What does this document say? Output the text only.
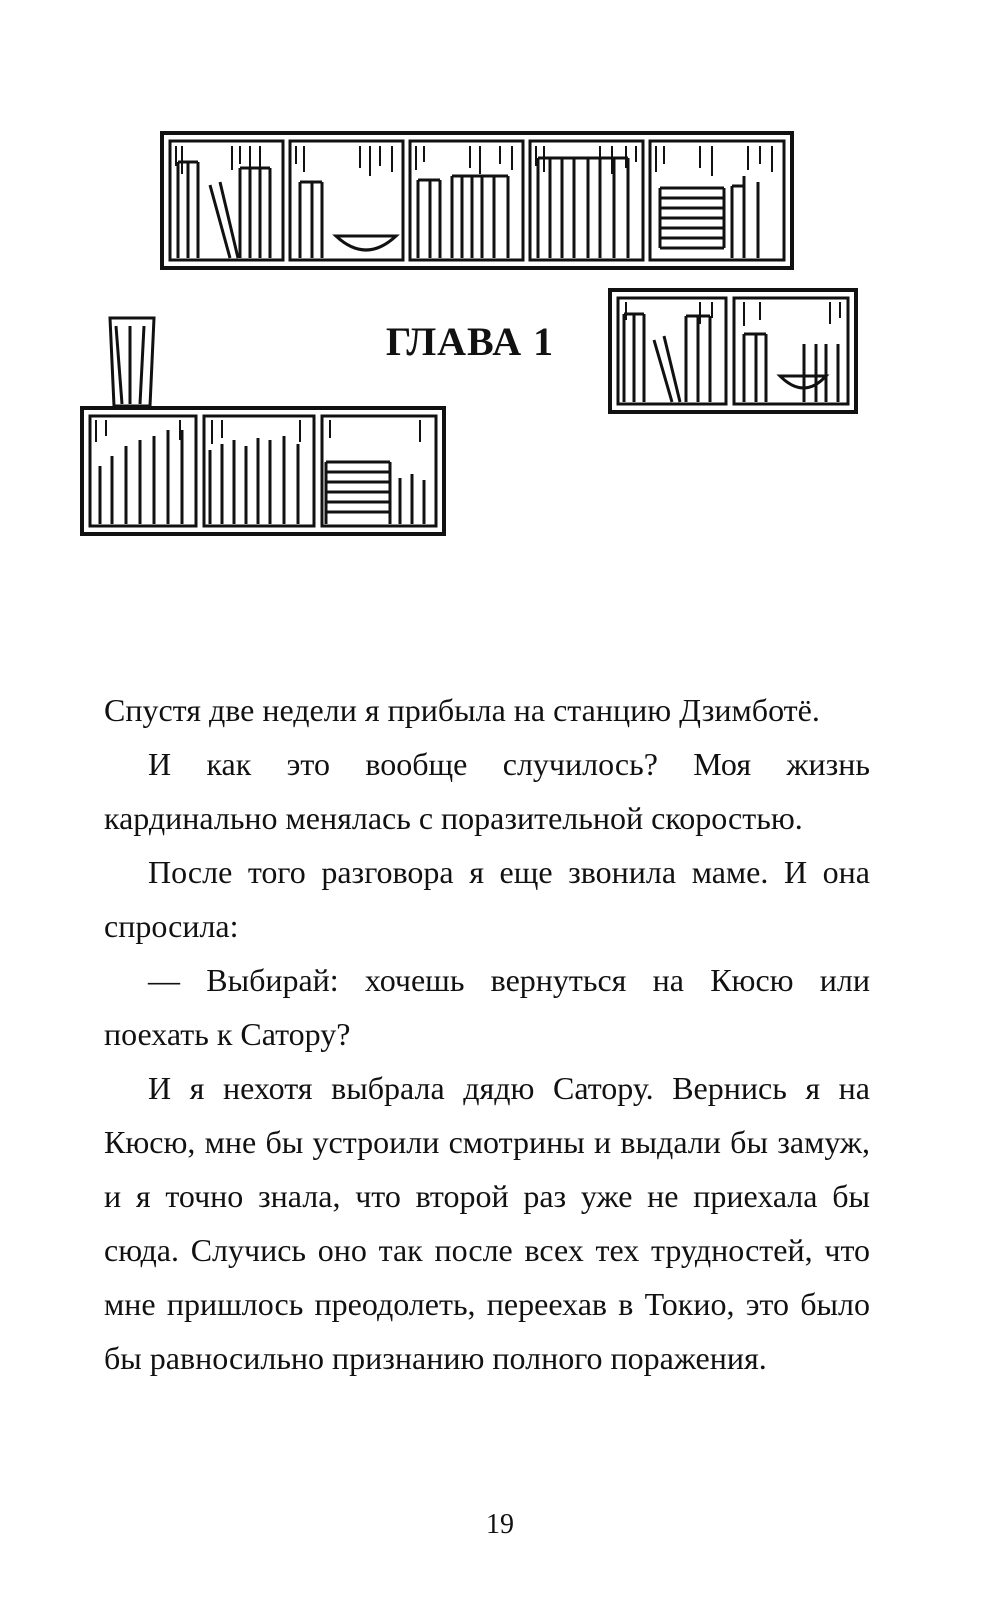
ГЛАВА 1

Спустя две недели я прибыла на станцию Дзимботё.

И как это вообще случилось? Моя жизнь кардинально менялась с поразительной скоростью.

После того разговора я еще звонила маме. И она спросила:

— Выбирай: хочешь вернуться на Кюсю или поехать к Сатору?

И я нехотя выбрала дядю Сатору. Вернись я на Кюсю, мне бы устроили смотрины и выдали бы замуж, и я точно знала, что второй раз уже не приехала бы сюда. Случись оно так после всех тех трудностей, что мне пришлось преодолеть, переехав в Токио, это было бы равносильно признанию полного поражения.

19
